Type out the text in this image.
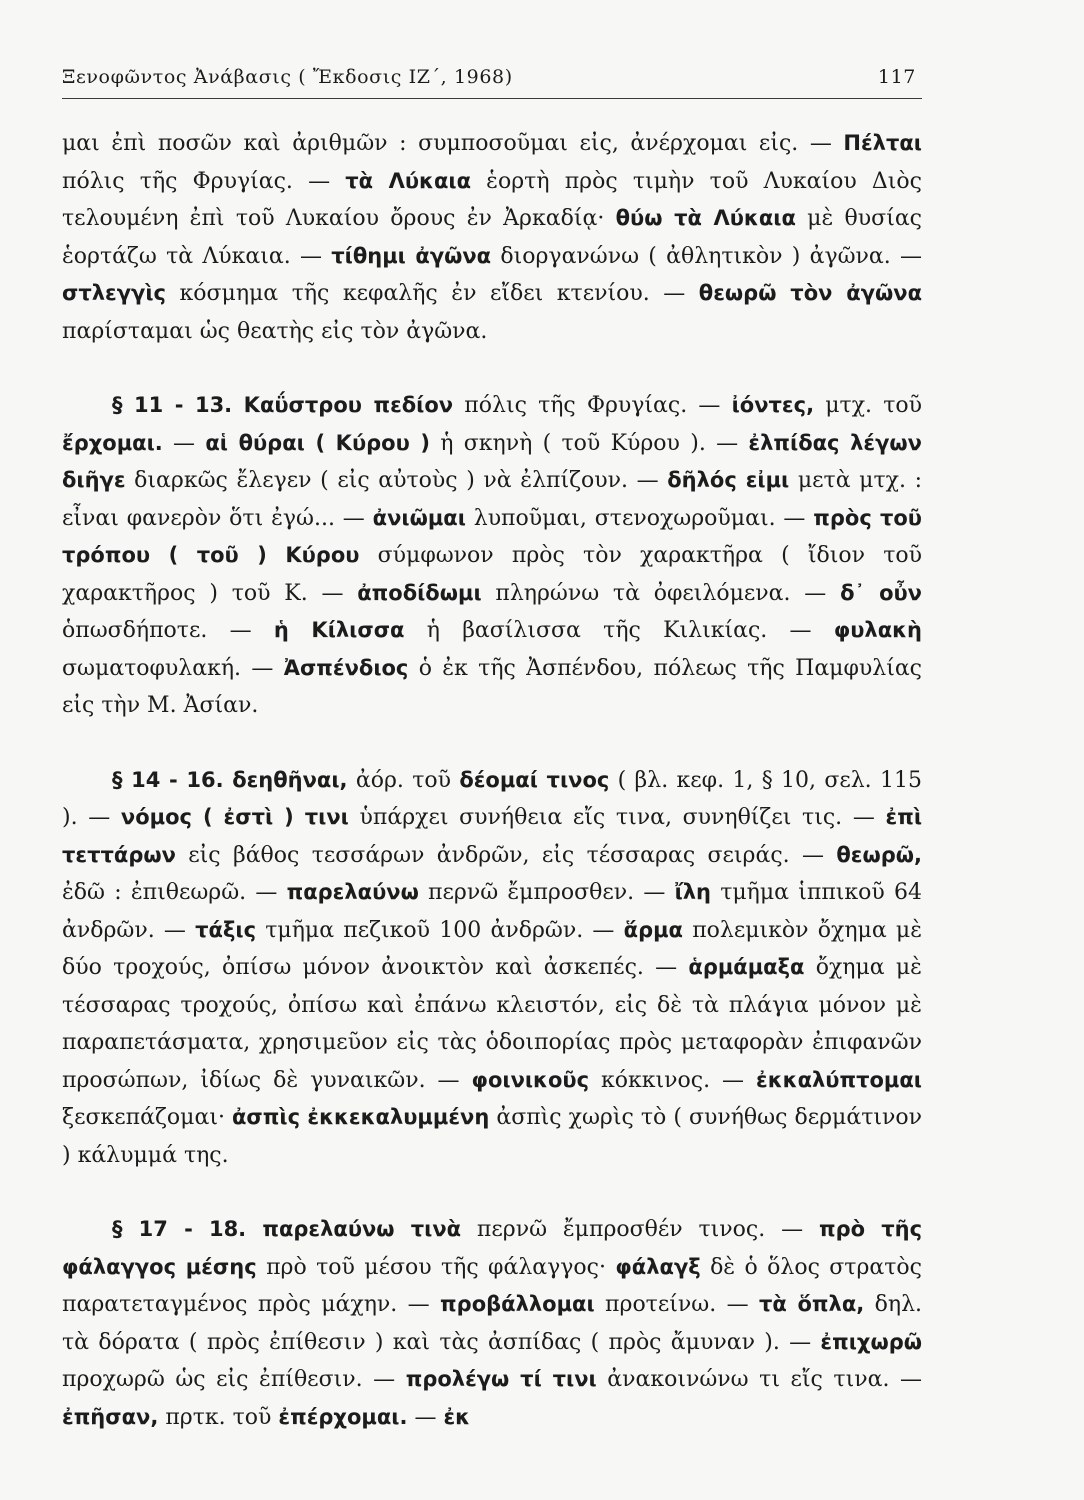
Ξενοφῶντος Ἀνάβασις ( Ἔκδοσις ΙΖ΄, 1968)	117

μαι ἐπὶ ποσῶν καὶ ἀριθμῶν : συμποσοῦμαι εἰς, ἀνέρχομαι εἰς. — Πέλται πόλις τῆς Φρυγίας. — τὰ Λύκαια ἑορτὴ πρὸς τιμὴν τοῦ Λυκαίου Διὸς τελουμένη ἐπὶ τοῦ Λυκαίου ὄρους ἐν Ἀρκαδίᾳ· θύω τὰ Λύκαια μὲ θυσίας ἑορτάζω τὰ Λύκαια. — τίθημι ἀγῶνα διοργανώνω ( ἀθλητικὸν ) ἀγῶνα. — στλεγγὶς κόσμημα τῆς κεφαλῆς ἐν εἴδει κτενίου. — θεωρῶ τὸν ἀγῶνα παρίσταμαι ὡς θεατὴς εἰς τὸν ἀγῶνα.

§ 11 - 13. Καΰστρου πεδίον πόλις τῆς Φρυγίας. — ἰόντες, μτχ. τοῦ ἔρχομαι. — αἱ θύραι ( Κύρου ) ἡ σκηνὴ ( τοῦ Κύρου ). — ἐλπίδας λέγων διῆγε διαρκῶς ἔλεγεν ( εἰς αὐτοὺς ) νὰ ἐλπίζουν. — δῆλός εἰμι μετὰ μτχ. : εἶναι φανερὸν ὅτι ἐγώ... — ἀνιῶμαι λυποῦμαι, στενοχωροῦμαι. — πρὸς τοῦ τρόπου ( τοῦ ) Κύρου σύμφωνον πρὸς τὸν χαρακτῆρα ( ἴδιον τοῦ χαρακτῆρος ) τοῦ Κ. — ἀποδίδωμι πληρώνω τὰ ὀφειλόμενα. — δ᾽ οὖν ὁπωσδήποτε. — ἡ Κίλισσα ἡ βασίλισσα τῆς Κιλικίας. — φυλακὴ σωματοφυλακή. — Ἀσπένδιος ὁ ἐκ τῆς Ἀσπένδου, πόλεως τῆς Παμφυλίας εἰς τὴν Μ. Ἀσίαν.

§ 14 - 16. δεηθῆναι, ἀόρ. τοῦ δέομαί τινος ( βλ. κεφ. 1, § 10, σελ. 115 ). — νόμος ( ἐστὶ ) τινι ὑπάρχει συνήθεια εἴς τινα, συνηθίζει τις. — ἐπὶ τεττάρων εἰς βάθος τεσσάρων ἀνδρῶν, εἰς τέσσαρας σειράς. — θεωρῶ, ἐδῶ : ἐπιθεωρῶ. — παρελαύνω περνῶ ἔμπροσθεν. — ἴλη τμῆμα ἱππικοῦ 64 ἀνδρῶν. — τάξις τμῆμα πεζικοῦ 100 ἀνδρῶν. — ἅρμα πολεμικὸν ὄχημα μὲ δύο τροχούς, ὀπίσω μόνον ἀνοικτὸν καὶ ἀσκεπές. — ἁρμάμαξα ὄχημα μὲ τέσσαρας τροχούς, ὀπίσω καὶ ἐπάνω κλειστόν, εἰς δὲ τὰ πλάγια μόνον μὲ παραπετάσματα, χρησιμεῦον εἰς τὰς ὁδοιπορίας πρὸς μεταφορὰν ἐπιφανῶν προσώπων, ἰδίως δὲ γυναικῶν. — φοινικοῦς κόκκινος. — ἐκκαλύπτομαι ξεσκεπάζομαι· ἀσπὶς ἐκκεκαλυμμένη ἀσπὶς χωρὶς τὸ ( συνήθως δερμάτινον ) κάλυμμά της.

§ 17 - 18. παρελαύνω τινὰ περνῶ ἔμπροσθέν τινος. — πρὸ τῆς φάλαγγος μέσης πρὸ τοῦ μέσου τῆς φάλαγγος· φάλαγξ δὲ ὁ ὅλος στρατὸς παρατεταγμένος πρὸς μάχην. — προβάλλομαι προτείνω. — τὰ ὅπλα, δηλ. τὰ δόρατα ( πρὸς ἐπίθεσιν ) καὶ τὰς ἀσπίδας ( πρὸς ἄμυναν ). — ἐπιχωρῶ προχωρῶ ὡς εἰς ἐπίθεσιν. — προλέγω τί τινι ἀνακοινώνω τι εἴς τινα. — ἐπῆσαν, πρτκ. τοῦ ἐπέρχομαι. — ἐκ
